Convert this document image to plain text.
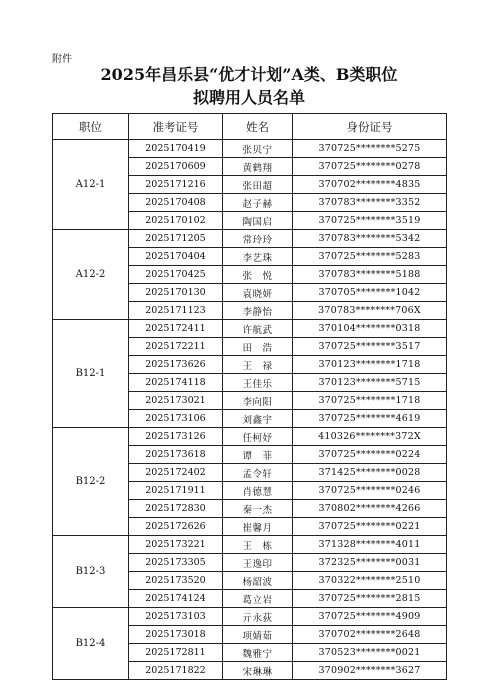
附件
2025年昌乐县“优才计划”A类、B类职位
拟聘用人员名单
职位	准考证号	姓名	身份证号
A12-1	2025170419	张贝宁	370725********5275
	2025170609	黄鹤翔	370725********0278
	2025171216	张田超	370702********4835
	2025170408	赵子赫	370783********3352
	2025170102	陶国启	370725********3519
A12-2	2025171205	常玲玲	370783********5342
	2025170404	李艺珠	370725********5283
	2025170425	张　悦	370783********5188
	2025170130	袁晓妍	370705********1042
	2025171123	李静怡	370783********706X
B12-1	2025172411	许航武	370104********0318
	2025172211	田　浩	370725********3517
	2025173626	王　禄	370123********1718
	2025174118	王佳乐	370123********5715
	2025173021	李向阳	370725********1718
	2025173106	刘鑫宇	370725********4619
B12-2	2025173126	任柯妤	410326********372X
	2025173618	谭　菲	370725********0224
	2025172402	孟令轩	371425********0028
	2025171911	肖德慧	370725********0246
	2025172830	秦一杰	370802********4266
	2025172626	崔馨月	370725********0221
B12-3	2025173221	王　栋	371328********4011
	2025173305	王逸印	372325********0031
	2025173520	杨韶波	370322********2510
	2025174124	葛立岩	370725********2815
B12-4	2025173103	亓永荻	370725********4909
	2025173018	项婧茹	370702********2648
	2025172811	魏雅宁	370523********0021
	2025171822	宋琳琳	370902********3627
